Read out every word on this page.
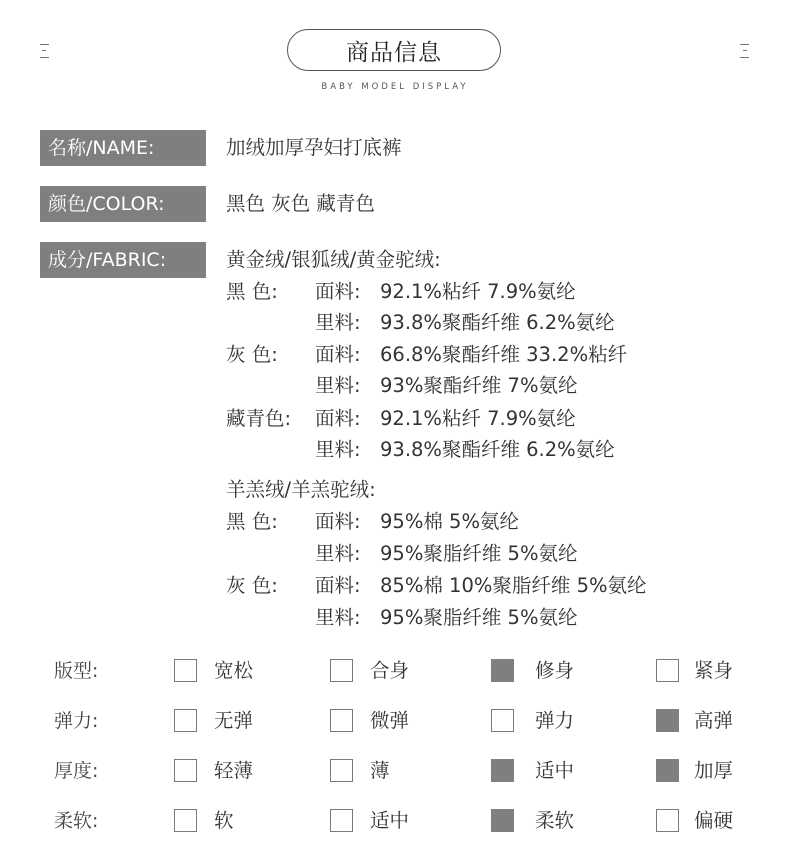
商品信息
BABY MODEL DISPLAY
名称/NAME:	加绒加厚孕妇打底裤
颜色/COLOR:	黑色 灰色 藏青色
成分/FABRIC:	黄金绒/银狐绒/黄金驼绒:
黑 色: 面料: 92.1%粘纤 7.9%氨纶
里料: 93.8%聚酯纤维 6.2%氨纶
灰 色: 面料: 66.8%聚酯纤维 33.2%粘纤
里料: 93%聚酯纤维 7%氨纶
藏青色: 面料: 92.1%粘纤 7.9%氨纶
里料: 93.8%聚酯纤维 6.2%氨纶
羊羔绒/羊羔驼绒:
黑 色: 面料: 95%棉 5%氨纶
里料: 95%聚脂纤维 5%氨纶
灰 色: 面料: 85%棉 10%聚脂纤维 5%氨纶
里料: 95%聚脂纤维 5%氨纶
版型:	宽松	合身	修身	紧身
弹力:	无弹	微弹	弹力	高弹
厚度:	轻薄	薄	适中	加厚
柔软:	软	适中	柔软	偏硬
